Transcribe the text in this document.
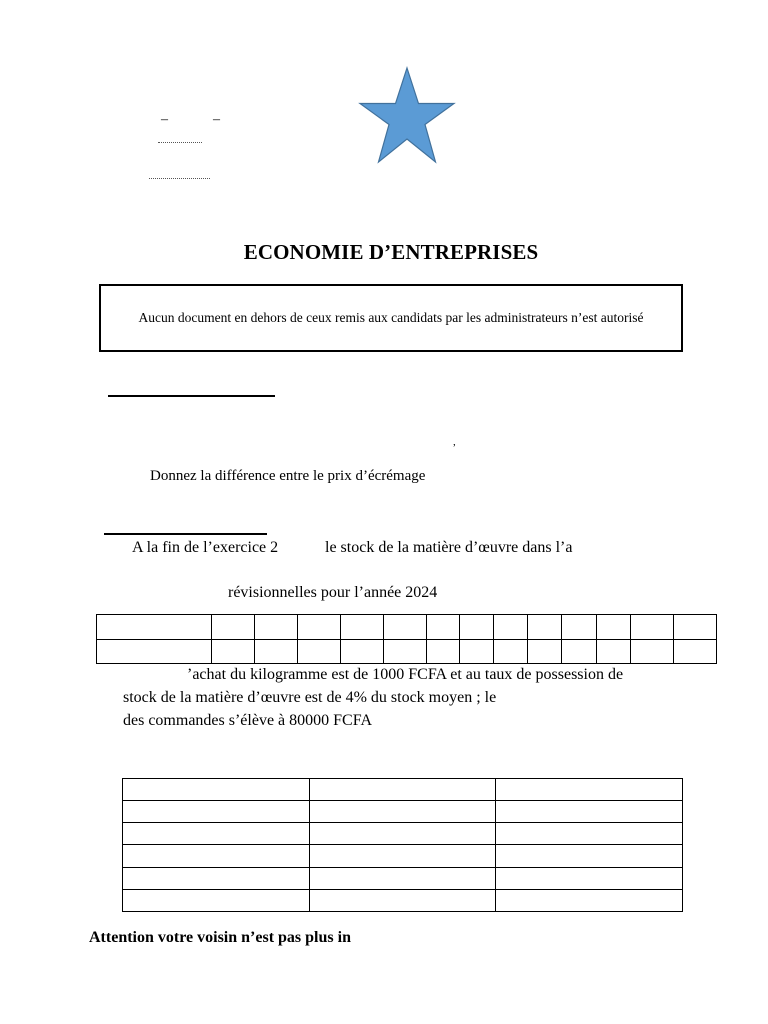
–	–
ECONOMIE D’ENTREPRISES
Aucun document en dehors de ceux remis aux candidats par les administrateurs n’est autorisé
,
Donnez la différence entre le prix d’écrémage
A la fin de l’exercice 2	le stock de la matière d’œuvre dans l’a
révisionnelles pour l’année 2024

’achat du kilogramme est de 1000 FCFA et au taux de possession de
stock de la matière d’œuvre est de 4% du stock moyen ; le
des commandes s’élève à 80000 FCFA

Attention votre voisin n’est pas plus in
